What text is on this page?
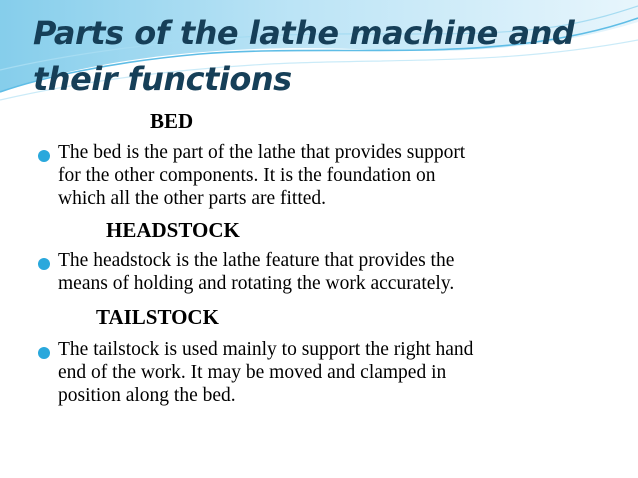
Parts of the lathe machine and
their functions
BED

The bed is the part of the lathe that provides support
for the other components. It is the foundation on
which all the other parts are fitted.

HEADSTOCK

The headstock is the lathe feature that provides the
means of holding and rotating the work accurately.

TAILSTOCK

The tailstock is used mainly to support the right hand
end of the work. It may be moved and clamped in
position along the bed.
